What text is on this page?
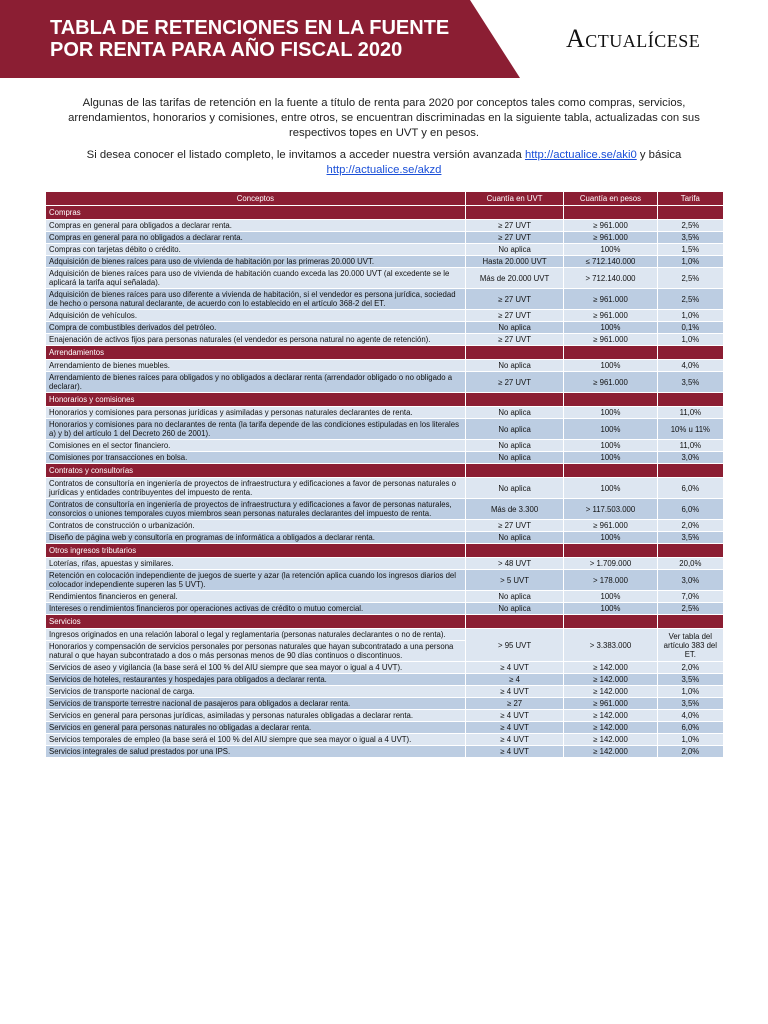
TABLA DE RETENCIONES EN LA FUENTE POR RENTA PARA AÑO FISCAL 2020	Actualícese

Algunas de las tarifas de retención en la fuente a título de renta para 2020 por conceptos tales como compras, servicios, arrendamientos, honorarios y comisiones, entre otros, se encuentran discriminadas en la siguiente tabla, actualizadas con sus respectivos topes en UVT y en pesos.

Si desea conocer el listado completo, le invitamos a acceder nuestra versión avanzada http://actualice.se/aki0 y básica http://actualice.se/akzd

Conceptos	Cuantía en UVT	Cuantía en pesos	Tarifa
Compras			
Compras en general para obligados a declarar renta.	≥ 27 UVT	≥ 961.000	2,5%
Compras en general para no obligados a declarar renta.	≥ 27 UVT	≥ 961.000	3,5%
Compras con tarjetas débito o crédito.	No aplica	100%	1,5%
Adquisición de bienes raíces para uso de vivienda de habitación por las primeras 20.000 UVT.	Hasta 20.000 UVT	≤ 712.140.000	1,0%
Adquisición de bienes raíces para uso de vivienda de habitación cuando exceda las 20.000 UVT (al excedente se le aplicará la tarifa aquí señalada).	Más de 20.000 UVT	> 712.140.000	2,5%
Adquisición de bienes raíces para uso diferente a vivienda de habitación, si el vendedor es persona jurídica, sociedad de hecho o persona natural declarante, de acuerdo con lo establecido en el artículo 368-2 del ET.	≥ 27 UVT	≥ 961.000	2,5%
Adquisición de vehículos.	≥ 27 UVT	≥ 961.000	1,0%
Compra de combustibles derivados del petróleo.	No aplica	100%	0,1%
Enajenación de activos fijos para personas naturales (el vendedor es persona natural no agente de retención).	≥ 27 UVT	≥ 961.000	1,0%
Arrendamientos			
Arrendamiento de bienes muebles.	No aplica	100%	4,0%
Arrendamiento de bienes raíces para obligados y no obligados a declarar renta (arrendador obligado o no obligado a declarar).	≥ 27 UVT	≥ 961.000	3,5%
Honorarios y comisiones			
Honorarios y comisiones para personas jurídicas y asimiladas y personas naturales declarantes de renta.	No aplica	100%	11,0%
Honorarios y comisiones para no declarantes de renta (la tarifa depende de las condiciones estipuladas en los literales a) y b) del artículo 1 del Decreto 260 de 2001).	No aplica	100%	10% u 11%
Comisiones en el sector financiero.	No aplica	100%	11,0%
Comisiones por transacciones en bolsa.	No aplica	100%	3,0%
Contratos y consultorías			
Contratos de consultoría en ingeniería de proyectos de infraestructura y edificaciones a favor de personas naturales o jurídicas y entidades contribuyentes del impuesto de renta.	No aplica	100%	6,0%
Contratos de consultoría en ingeniería de proyectos de infraestructura y edificaciones a favor de personas naturales, consorcios o uniones temporales cuyos miembros sean personas naturales declarantes del impuesto de renta.	Más de 3.300	> 117.503.000	6,0%
Contratos de construcción o urbanización.	≥ 27 UVT	≥ 961.000	2,0%
Diseño de página web y consultoría en programas de informática a obligados a declarar renta.	No aplica	100%	3,5%
Otros ingresos tributarios			
Loterías, rifas, apuestas y similares.	> 48 UVT	> 1.709.000	20,0%
Retención en colocación independiente de juegos de suerte y azar (la retención aplica cuando los ingresos diarios del colocador independiente superen las 5 UVT).	> 5 UVT	> 178.000	3,0%
Rendimientos financieros en general.	No aplica	100%	7,0%
Intereses o rendimientos financieros por operaciones activas de crédito o mutuo comercial.	No aplica	100%	2,5%
Servicios			
Ingresos originados en una relación laboral o legal y reglamentaria (personas naturales declarantes o no de renta).	> 95 UVT	> 3.383.000	Ver tabla del artículo 383 del ET.
Honorarios y compensación de servicios personales por personas naturales que hayan subcontratado a una persona natural o que hayan subcontratado a dos o más personas menos de 90 días continuos o discontinuos.			
Servicios de aseo y vigilancia (la base será el 100 % del AIU siempre que sea mayor o igual a 4 UVT).	≥ 4 UVT	≥ 142.000	2,0%
Servicios de hoteles, restaurantes y hospedajes para obligados a declarar renta.	≥ 4	≥ 142.000	3,5%
Servicios de transporte nacional de carga.	≥ 4 UVT	≥ 142.000	1,0%
Servicios de transporte terrestre nacional de pasajeros para obligados a declarar renta.	≥ 27	≥ 961.000	3,5%
Servicios en general para personas jurídicas, asimiladas y personas naturales obligadas a declarar renta.	≥ 4 UVT	≥ 142.000	4,0%
Servicios en general para personas naturales no obligadas a declarar renta.	≥ 4 UVT	≥ 142.000	6,0%
Servicios temporales de empleo (la base será el 100 % del AIU siempre que sea mayor o igual a 4 UVT).	≥ 4 UVT	≥ 142.000	1,0%
Servicios integrales de salud prestados por una IPS.	≥ 4 UVT	≥ 142.000	2,0%
